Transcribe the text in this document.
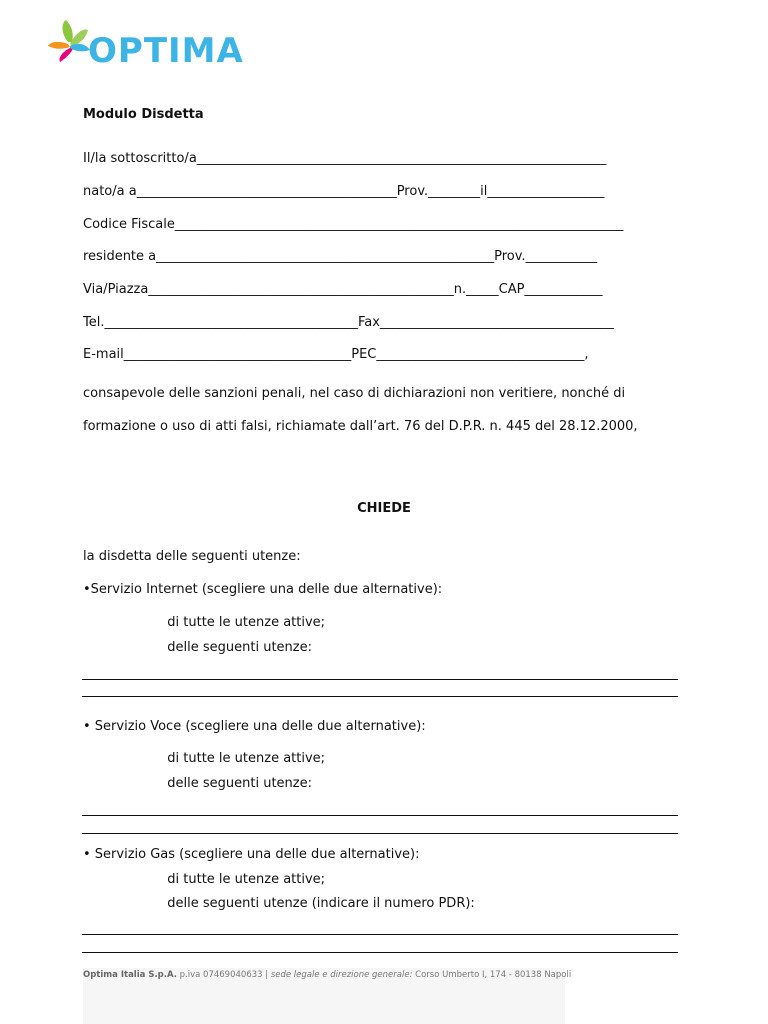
OPTIMA
Modulo Disdetta
Il/la sottoscritto/a_______________________________________________________________
nato/a a________________________________________Prov.________il__________________
Codice Fiscale_____________________________________________________________________
residente a____________________________________________________Prov.___________
Via/Piazza_______________________________________________n._____CAP____________
Tel._______________________________________Fax____________________________________
E-mail___________________________________PEC________________________________,
consapevole delle sanzioni penali, nel caso di dichiarazioni non veritiere, nonché di
formazione o uso di atti falsi, richiamate dall’art. 76 del D.P.R. n. 445 del 28.12.2000,
CHIEDE
la disdetta delle seguenti utenze:
•Servizio Internet (scegliere una delle due alternative):
di tutte le utenze attive;
delle seguenti utenze:
• Servizio Voce (scegliere una delle due alternative):
di tutte le utenze attive;
delle seguenti utenze:
• Servizio Gas (scegliere una delle due alternative):
di tutte le utenze attive;
delle seguenti utenze (indicare il numero PDR):
Optima Italia S.p.A. p.iva 07469040633 | sede legale e direzione generale: Corso Umberto I, 174 - 80138 Napoli
